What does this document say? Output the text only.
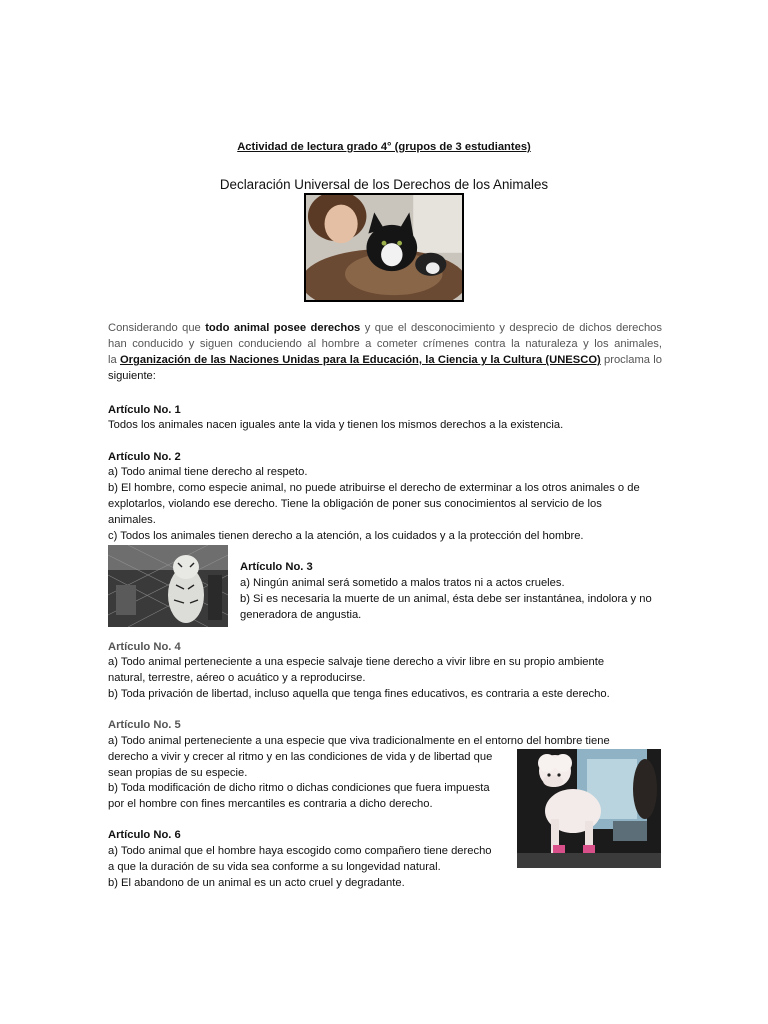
Actividad de lectura grado 4° (grupos de 3 estudiantes)
Declaración Universal de los Derechos de los Animales
Considerando que todo animal posee derechos y que el desconocimiento y desprecio de dichos derechos
han conducido y siguen conduciendo al hombre a cometer crímenes contra la naturaleza y los animales,
la Organización de las Naciones Unidas para la Educación, la Ciencia y la Cultura (UNESCO) proclama lo
siguiente:
Artículo No. 1
Todos los animales nacen iguales ante la vida y tienen los mismos derechos a la existencia.
Artículo No. 2
a) Todo animal tiene derecho al respeto.
b) El hombre, como especie animal, no puede atribuirse el derecho de exterminar a los otros animales o de
explotarlos, violando ese derecho. Tiene la obligación de poner sus conocimientos al servicio de los
animales.
c) Todos los animales tienen derecho a la atención, a los cuidados y a la protección del hombre.
Artículo No. 3
a) Ningún animal será sometido a malos tratos ni a actos crueles.
b) Si es necesaria la muerte de un animal, ésta debe ser instantánea, indolora y no
generadora de angustia.
Artículo No. 4
a) Todo animal perteneciente a una especie salvaje tiene derecho a vivir libre en su propio ambiente
natural, terrestre, aéreo o acuático y a reproducirse.
b) Toda privación de libertad, incluso aquella que tenga fines educativos, es contraria a este derecho.
Artículo No. 5
a) Todo animal perteneciente a una especie que viva tradicionalmente en el entorno del hombre tiene
derecho a vivir y crecer al ritmo y en las condiciones de vida y de libertad que
sean propias de su especie.
b) Toda modificación de dicho ritmo o dichas condiciones que fuera impuesta
por el hombre con fines mercantiles es contraria a dicho derecho.
Artículo No. 6
a) Todo animal que el hombre haya escogido como compañero tiene derecho
a que la duración de su vida sea conforme a su longevidad natural.
b) El abandono de un animal es un acto cruel y degradante.
